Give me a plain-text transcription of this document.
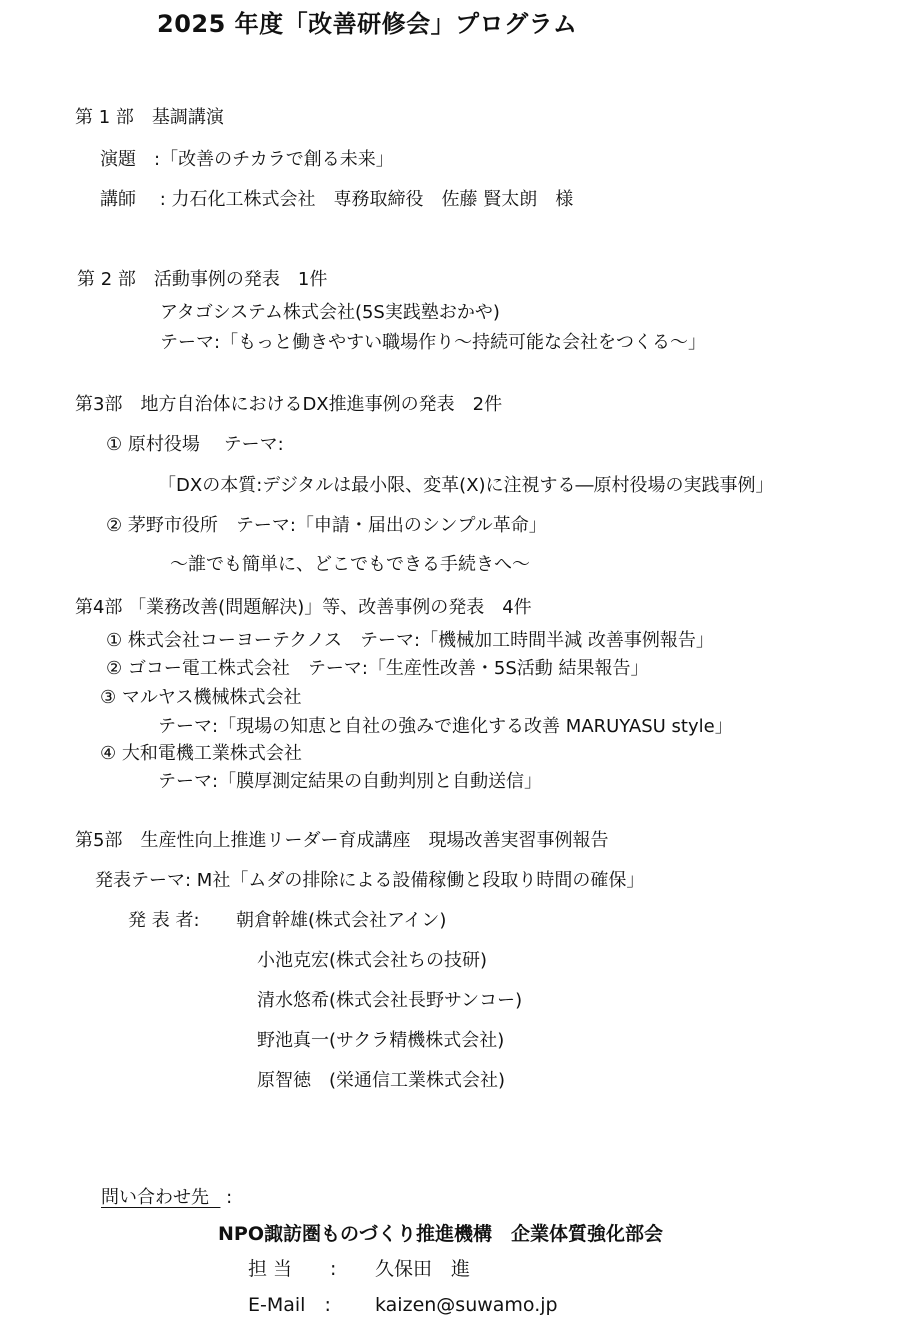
2025 年度「改善研修会」プログラム
第 1 部　基調講演
演題　:「改善のチカラで創る未来」
講師　 : 力石化工株式会社　専務取締役　佐藤 賢太朗　様
第 2 部　活動事例の発表　1件
アタゴシステム株式会社(5S実践塾おかや)
テーマ:「もっと働きやすい職場作り～持続可能な会社をつくる～」
第3部　地方自治体におけるDX推進事例の発表　2件
① 原村役場　 テーマ:
「DXの本質:デジタルは最小限、変革(X)に注視する―原村役場の実践事例」
② 茅野市役所　テーマ:「申請・届出のシンプル革命」
～誰でも簡単に、どこでもできる手続きへ～
第4部 「業務改善(問題解決)」等、改善事例の発表　4件
① 株式会社コーヨーテクノス　テーマ:「機械加工時間半減 改善事例報告」
② ゴコー電工株式会社　テーマ:「生産性改善・5S活動 結果報告」
③ マルヤス機械株式会社
テーマ:「現場の知恵と自社の強みで進化する改善 MARUYASU style」
④ 大和電機工業株式会社
テーマ:「膜厚測定結果の自動判別と自動送信」
第5部　生産性向上推進リーダー育成講座　現場改善実習事例報告
発表テーマ: M社「ムダの排除による設備稼働と段取り時間の確保」
発 表 者: 朝倉幹雄(株式会社アイン)
小池克宏(株式会社ちの技研)
清水悠希(株式会社長野サンコー)
野池真一(サクラ精機株式会社)
原智徳　(栄通信工業株式会社)
問い合わせ先   :
NPO諏訪圏ものづくり推進機構　企業体質強化部会
担 当　　: 久保田　進
E-Mail　: kaizen@suwamo.jp
